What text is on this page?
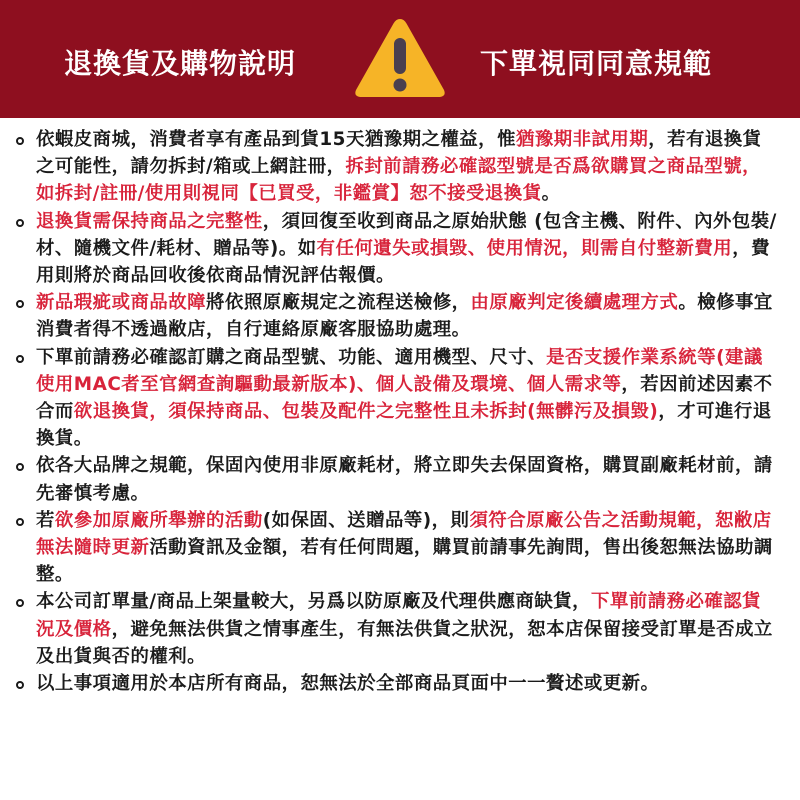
退換貨及購物說明	下單視同同意規範
依蝦皮商城，消費者享有產品到貨15天猶豫期之權益，惟猶豫期非試用期，若有退換貨之可能性，請勿拆封/箱或上網註冊，拆封前請務必確認型號是否爲欲購買之商品型號，如拆封/註冊/使用則視同【已買受，非鑑賞】恕不接受退換貨。
退換貨需保持商品之完整性，須回復至收到商品之原始狀態 (包含主機、附件、內外包裝/材、隨機文件/耗材、贈品等)。如有任何遺失或損毀、使用情況，則需自付整新費用，費用則將於商品回收後依商品情況評估報價。
新品瑕疵或商品故障將依照原廠規定之流程送檢修，由原廠判定後續處理方式。檢修事宜消費者得不透過敝店，自行連絡原廠客服協助處理。
下單前請務必確認訂購之商品型號、功能、適用機型、尺寸、是否支援作業系統等(建議使用MAC者至官網查詢驅動最新版本)、個人設備及環境、個人需求等，若因前述因素不合而欲退換貨，須保持商品、包裝及配件之完整性且未拆封(無髒污及損毀)，才可進行退換貨。
依各大品牌之規範，保固內使用非原廠耗材，將立即失去保固資格，購買副廠耗材前，請先審慎考慮。
若欲參加原廠所舉辦的活動(如保固、送贈品等)，則須符合原廠公告之活動規範，恕敝店無法隨時更新活動資訊及金額，若有任何問題，購買前請事先詢問，售出後恕無法協助調整。
本公司訂單量/商品上架量較大，另爲以防原廠及代理供應商缺貨，下單前請務必確認貨況及價格，避免無法供貨之情事產生，有無法供貨之狀況，恕本店保留接受訂單是否成立及出貨與否的權利。
以上事項適用於本店所有商品，恕無法於全部商品頁面中一一贅述或更新。
